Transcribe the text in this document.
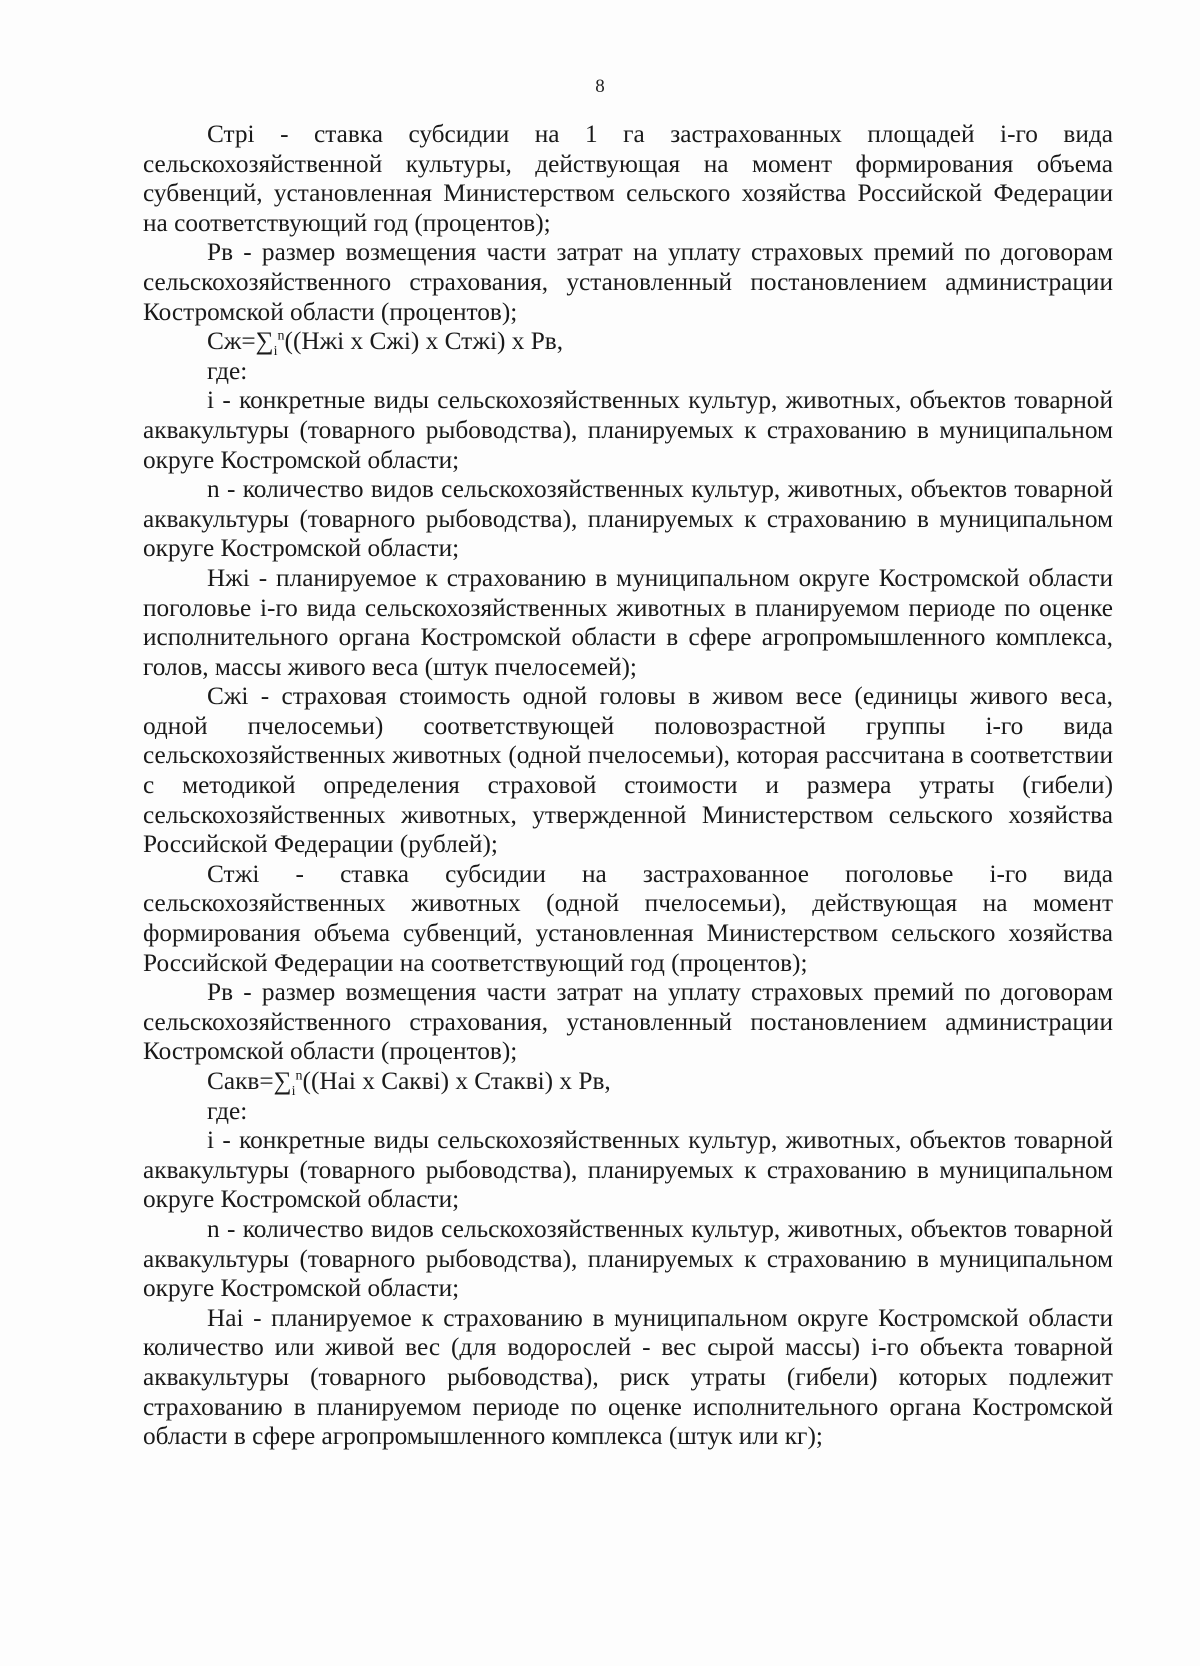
8

Стрi - ставка субсидии на 1 га застрахованных площадей i-го вида сельскохозяйственной культуры, действующая на момент формирования объема субвенций, установленная Министерством сельского хозяйства Российской Федерации на соответствующий год (процентов);

Рв - размер возмещения части затрат на уплату страховых премий по договорам сельскохозяйственного страхования, установленный постановлением администрации Костромской области (процентов);

$Сж=\sum_i^n((Нжi$ x Сжi) x Стжi) x Рв,

где:

i - конкретные виды сельскохозяйственных культур, животных, объектов товарной аквакультуры (товарного рыбоводства), планируемых к страхованию в муниципальном округе Костромской области;

n - количество видов сельскохозяйственных культур, животных, объектов товарной аквакультуры (товарного рыбоводства), планируемых к страхованию в муниципальном округе Костромской области;

Нжi - планируемое к страхованию в муниципальном округе Костромской области поголовье i-го вида сельскохозяйственных животных в планируемом периоде по оценке исполнительного органа Костромской области в сфере агропромышленного комплекса, голов, массы живого веса (штук пчелосемей);

Сжi - страховая стоимость одной головы в живом весе (единицы живого веса, одной пчелосемьи) соответствующей половозрастной группы i-го вида сельскохозяйственных животных (одной пчелосемьи), которая рассчитана в соответствии с методикой определения страховой стоимости и размера утраты (гибели) сельскохозяйственных животных, утвержденной Министерством сельского хозяйства Российской Федерации (рублей);

Стжi - ставка субсидии на застрахованное поголовье i-го вида сельскохозяйственных животных (одной пчелосемьи), действующая на момент формирования объема субвенций, установленная Министерством сельского хозяйства Российской Федерации на соответствующий год (процентов);

Рв - размер возмещения части затрат на уплату страховых премий по договорам сельскохозяйственного страхования, установленный постановлением администрации Костромской области (процентов);

$Сакв=\sum_i^n((Наi$ x Саквi) x Стаквi) x Рв,

где:

i - конкретные виды сельскохозяйственных культур, животных, объектов товарной аквакультуры (товарного рыбоводства), планируемых к страхованию в муниципальном округе Костромской области;

n - количество видов сельскохозяйственных культур, животных, объектов товарной аквакультуры (товарного рыбоводства), планируемых к страхованию в муниципальном округе Костромской области;

Наi - планируемое к страхованию в муниципальном округе Костромской области количество или живой вес (для водорослей - вес сырой массы) i-го объекта товарной аквакультуры (товарного рыбоводства), риск утраты (гибели) которых подлежит страхованию в планируемом периоде по оценке исполнительного органа Костромской области в сфере агропромышленного комплекса (штук или кг);
